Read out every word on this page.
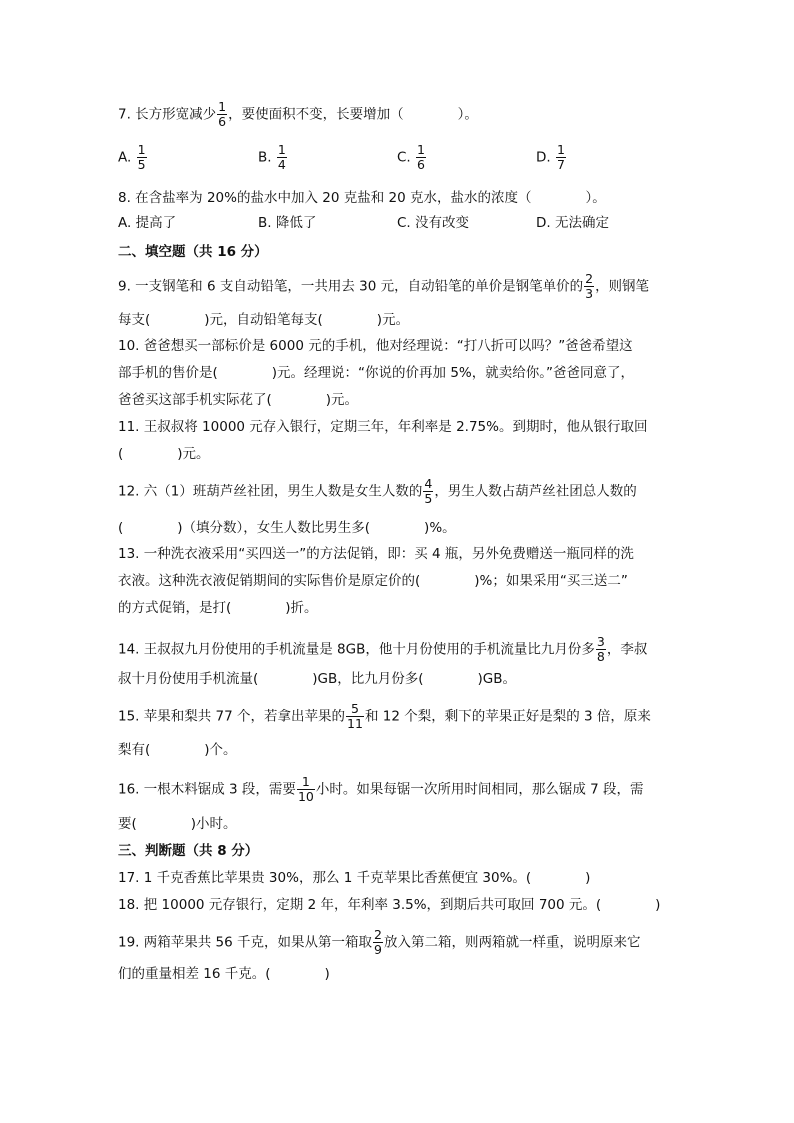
7. 长方形宽减少 $\frac{1}{6}$ ，要使面积不变，长要增加（　　　　）。
A. $\frac{1}{5}$	B. $\frac{1}{4}$	C. $\frac{1}{6}$	D. $\frac{1}{7}$
8. 在含盐率为 20%的盐水中加入 20 克盐和 20 克水，盐水的浓度（　　　　）。
A. 提高了	B. 降低了	C. 没有改变	D. 无法确定
二、填空题（共 16 分）
9. 一支钢笔和 6 支自动铅笔，一共用去 30 元，自动铅笔的单价是钢笔单价的 $\frac{2}{3}$ ，则钢笔
每支(　　　　)元，自动铅笔每支(　　　　)元。
10. 爸爸想买一部标价是 6000 元的手机，他对经理说：“打八折可以吗？”爸爸希望这
部手机的售价是(　　　　)元。经理说：“你说的价再加 5%，就卖给你。”爸爸同意了，
爸爸买这部手机实际花了(　　　　)元。
11. 王叔叔将 10000 元存入银行，定期三年，年利率是 2.75%。到期时，他从银行取回
(　　　　)元。
12. 六（1）班葫芦丝社团，男生人数是女生人数的 $\frac{4}{5}$ ，男生人数占葫芦丝社团总人数的
(　　　　)（填分数），女生人数比男生多(　　　　)%。
13. 一种洗衣液采用“买四送一”的方法促销，即：买 4 瓶，另外免费赠送一瓶同样的洗
衣液。这种洗衣液促销期间的实际售价是原定价的(　　　　)%；如果采用“买三送二”
的方式促销，是打(　　　　)折。
14. 王叔叔九月份使用的手机流量是 8GB，他十月份使用的手机流量比九月份多 $\frac{3}{8}$ ，李叔
叔十月份使用手机流量(　　　　)GB，比九月份多(　　　　)GB。
15. 苹果和梨共 77 个，若拿出苹果的 $\frac{5}{11}$ 和 12 个梨，剩下的苹果正好是梨的 3 倍，原来
梨有(　　　　)个。
16. 一根木料锯成 3 段，需要 $\frac{1}{10}$ 小时。如果每锯一次所用时间相同，那么锯成 7 段，需
要(　　　　)小时。
三、判断题（共 8 分）
17. 1 千克香蕉比苹果贵 30%，那么 1 千克苹果比香蕉便宜 30%。(　　　　)
18. 把 10000 元存银行，定期 2 年，年利率 3.5%，到期后共可取回 700 元。(　　　　)
19. 两箱苹果共 56 千克，如果从第一箱取 $\frac{2}{9}$ 放入第二箱，则两箱就一样重，说明原来它
们的重量相差 16 千克。(　　　　)
